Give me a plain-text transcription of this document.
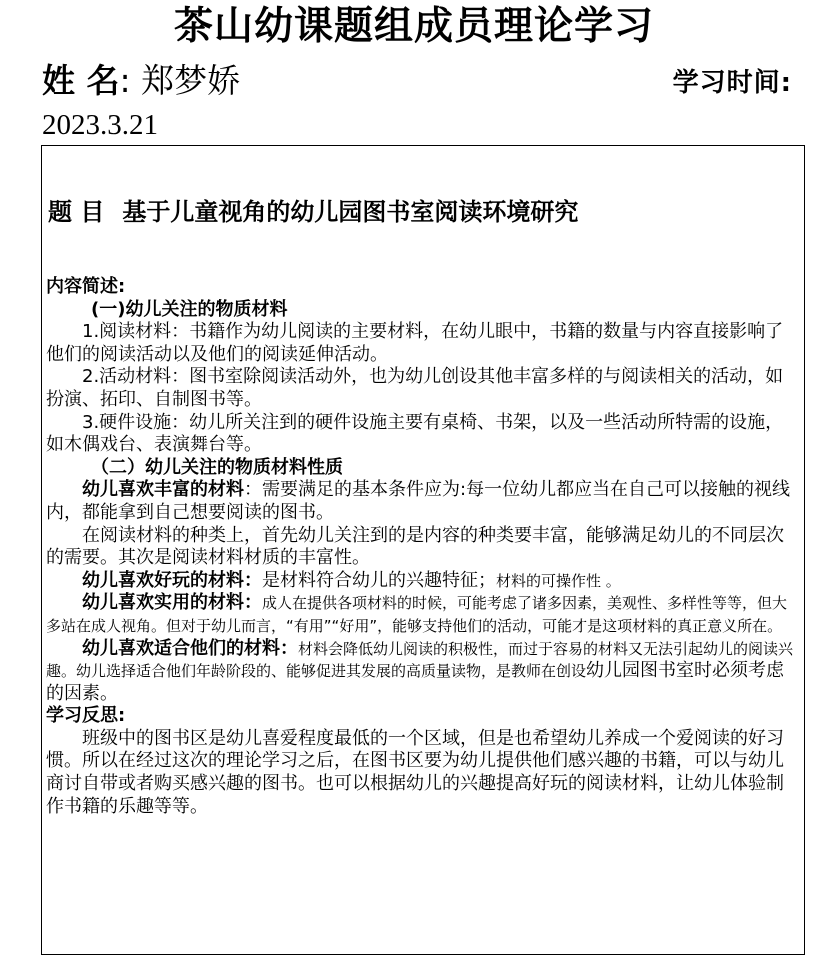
茶山幼课题组成员理论学习
姓 名: 郑梦娇	学习时间:
2023.3.21
题 目 基于儿童视角的幼儿园图书室阅读环境研究

内容简述:

(一)幼儿关注的物质材料

1.阅读材料：书籍作为幼儿阅读的主要材料，在幼儿眼中，书籍的数量与内容直接影响了他们的阅读活动以及他们的阅读延伸活动。

2.活动材料：图书室除阅读活动外，也为幼儿创设其他丰富多样的与阅读相关的活动，如扮演、拓印、自制图书等。

3.硬件设施：幼儿所关注到的硬件设施主要有桌椅、书架，以及一些活动所特需的设施，如木偶戏台、表演舞台等。

（二）幼儿关注的物质材料性质

幼儿喜欢丰富的材料：需要满足的基本条件应为:每一位幼儿都应当在自己可以接触的视线内，都能拿到自己想要阅读的图书。

在阅读材料的种类上，首先幼儿关注到的是内容的种类要丰富，能够满足幼儿的不同层次的需要。其次是阅读材料材质的丰富性。

幼儿喜欢好玩的材料：是材料符合幼儿的兴趣特征；材料的可操作性 。

幼儿喜欢实用的材料：成人在提供各项材料的时候，可能考虑了诸多因素，美观性、多样性等等，但大多站在成人视角。但对于幼儿而言，“有用”“好用”，能够支持他们的活动，可能才是这项材料的真正意义所在。

幼儿喜欢适合他们的材料：材料会降低幼儿阅读的积极性，而过于容易的材料又无法引起幼儿的阅读兴趣。幼儿选择适合他们年龄阶段的、能够促进其发展的高质量读物，是教师在创设幼儿园图书室时必须考虑的因素。

学习反思:

班级中的图书区是幼儿喜爱程度最低的一个区域，但是也希望幼儿养成一个爱阅读的好习惯。所以在经过这次的理论学习之后，在图书区要为幼儿提供他们感兴趣的书籍，可以与幼儿商讨自带或者购买感兴趣的图书。也可以根据幼儿的兴趣提高好玩的阅读材料，让幼儿体验制作书籍的乐趣等等。
